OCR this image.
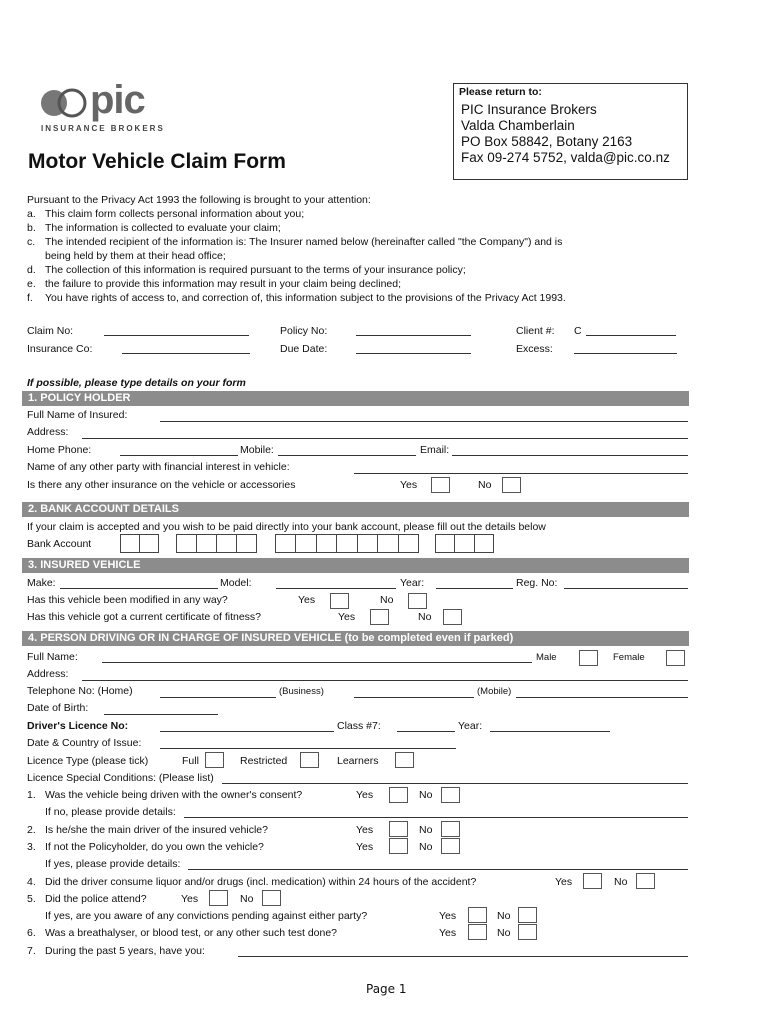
pic
INSURANCE BROKERS
Motor Vehicle Claim Form
Please return to:
PIC Insurance Brokers
Valda Chamberlain
PO Box 58842, Botany 2163
Fax 09-274 5752, valda@pic.co.nz
Pursuant to the Privacy Act 1993 the following is brought to your attention:
a. This claim form collects personal information about you;
b. The information is collected to evaluate your claim;
c. The intended recipient of the information is: The Insurer named below (hereinafter called "the Company") and is
being held by them at their head office;
d. The collection of this information is required pursuant to the terms of your insurance policy;
e. the failure to provide this information may result in your claim being declined;
f. You have rights of access to, and correction of, this information subject to the provisions of the Privacy Act 1993.
Claim No:	Policy No:	Client #: C
Insurance Co:	Due Date:	Excess:
If possible, please type details on your form
1. POLICY HOLDER
Full Name of Insured:
Address:
Home Phone:	Mobile:	Email:
Name of any other party with financial interest in vehicle:
Is there any other insurance on the vehicle or accessories	Yes	No
2. BANK ACCOUNT DETAILS
If your claim is accepted and you wish to be paid directly into your bank account, please fill out the details below
Bank Account
3. INSURED VEHICLE
Make:	Model:	Year:	Reg. No:
Has this vehicle been modified in any way?	Yes	No
Has this vehicle got a current certificate of fitness?	Yes	No
4. PERSON DRIVING OR IN CHARGE OF INSURED VEHICLE (to be completed even if parked)
Full Name:	Male	Female
Address:
Telephone No: (Home)	(Business)	(Mobile)
Date of Birth:
Driver's Licence No:	Class #7:	Year:
Date & Country of Issue:
Licence Type (please tick)	Full	Restricted	Learners
Licence Special Conditions: (Please list)
1. Was the vehicle being driven with the owner's consent?	Yes	No
If no, please provide details:
2. Is he/she the main driver of the insured vehicle?	Yes	No
3. If not the Policyholder, do you own the vehicle?	Yes	No
If yes, please provide details:
4. Did the driver consume liquor and/or drugs (incl. medication) within 24 hours of the accident?	Yes	No
5. Did the police attend?	Yes	No
If yes, are you aware of any convictions pending against either party?	Yes	No
6. Was a breathalyser, or blood test, or any other such test done?	Yes	No
7. During the past 5 years, have you:
Page 1
